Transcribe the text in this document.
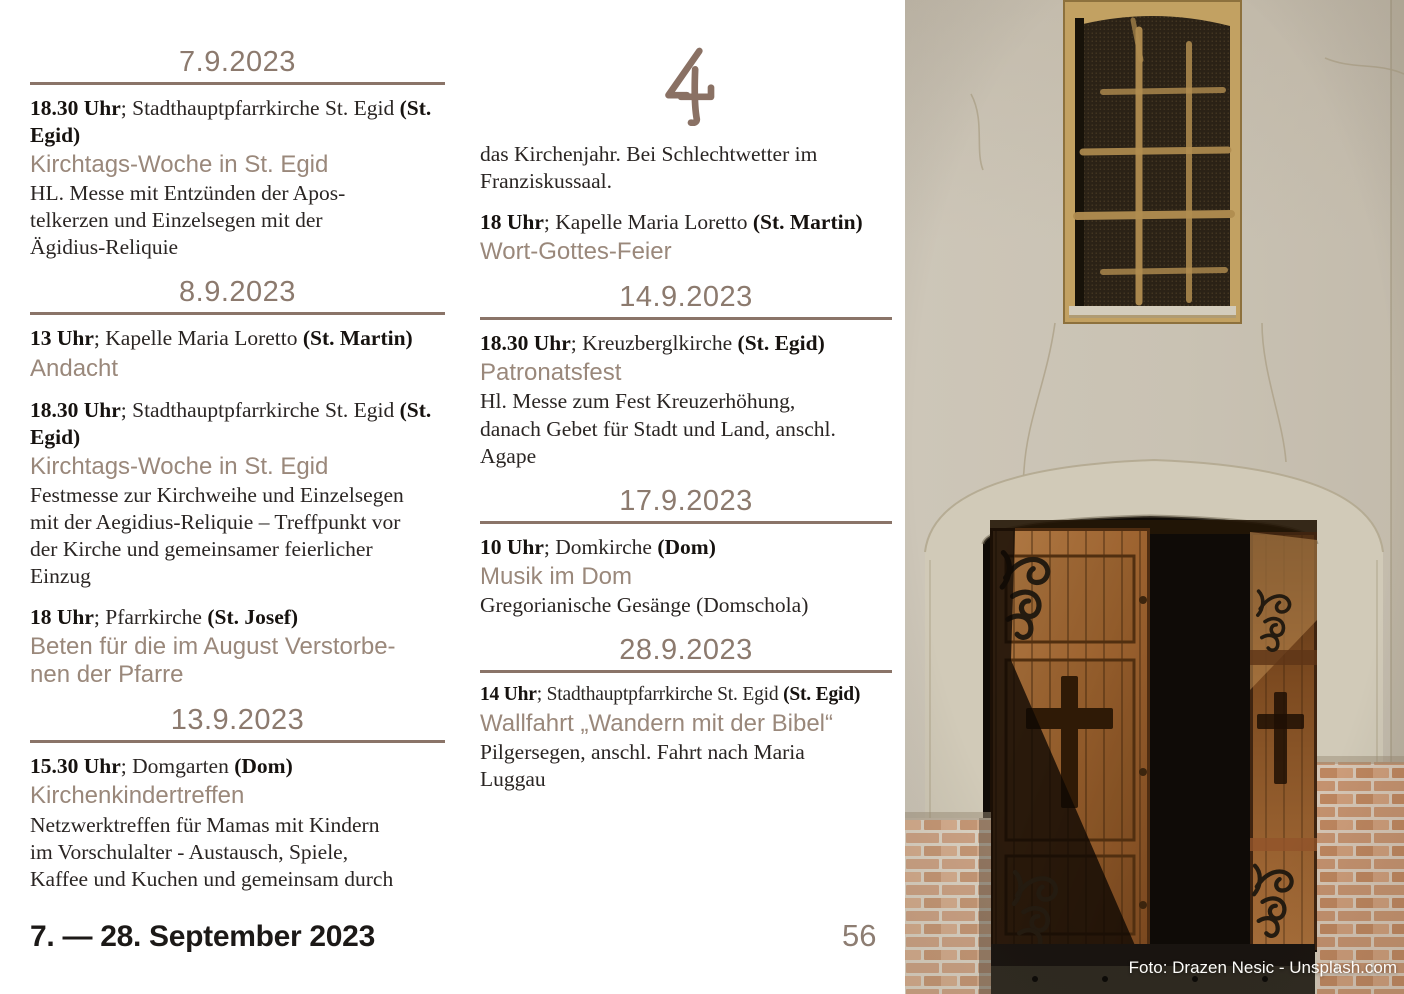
7.9.2023

18.30 Uhr; Stadthauptpfarrkirche St. Egid (St. Egid)

Kirchtags-Woche in St. Egid

HL. Messe mit Entzünden der Apos-
telkerzen und Einzelsegen mit der
Ägidius-Reliquie

8.9.2023

13 Uhr; Kapelle Maria Loretto (St. Martin)

Andacht

18.30 Uhr; Stadthauptpfarrkirche St. Egid (St. Egid)

Kirchtags-Woche in St. Egid

Festmesse zur Kirchweihe und Einzelsegen
mit der Aegidius-Reliquie – Treffpunkt vor
der Kirche und gemeinsamer feierlicher
Einzug

18 Uhr; Pfarrkirche (St. Josef)

Beten für die im August Verstorbe-
nen der Pfarre

13.9.2023

15.30 Uhr; Domgarten (Dom)

Kirchenkindertreffen

Netzwerktreffen für Mamas mit Kindern
im Vorschulalter - Austausch, Spiele,
Kaffee und Kuchen und gemeinsam durch

das Kirchenjahr. Bei Schlechtwetter im
Franziskussaal.

18 Uhr; Kapelle Maria Loretto (St. Martin)

Wort-Gottes-Feier

14.9.2023

18.30 Uhr; Kreuzberglkirche (St. Egid)

Patronatsfest

Hl. Messe zum Fest Kreuzerhöhung,
danach Gebet für Stadt und Land, anschl.
Agape

17.9.2023

10 Uhr; Domkirche (Dom)

Musik im Dom

Gregorianische Gesänge (Domschola)

28.9.2023

14 Uhr; Stadthauptpfarrkirche St. Egid (St. Egid)

Wallfahrt „Wandern mit der Bibel“

Pilgersegen, anschl. Fahrt nach Maria
Luggau

7. — 28. September 2023	56
Foto: Drazen Nesic - Unsplash.com
